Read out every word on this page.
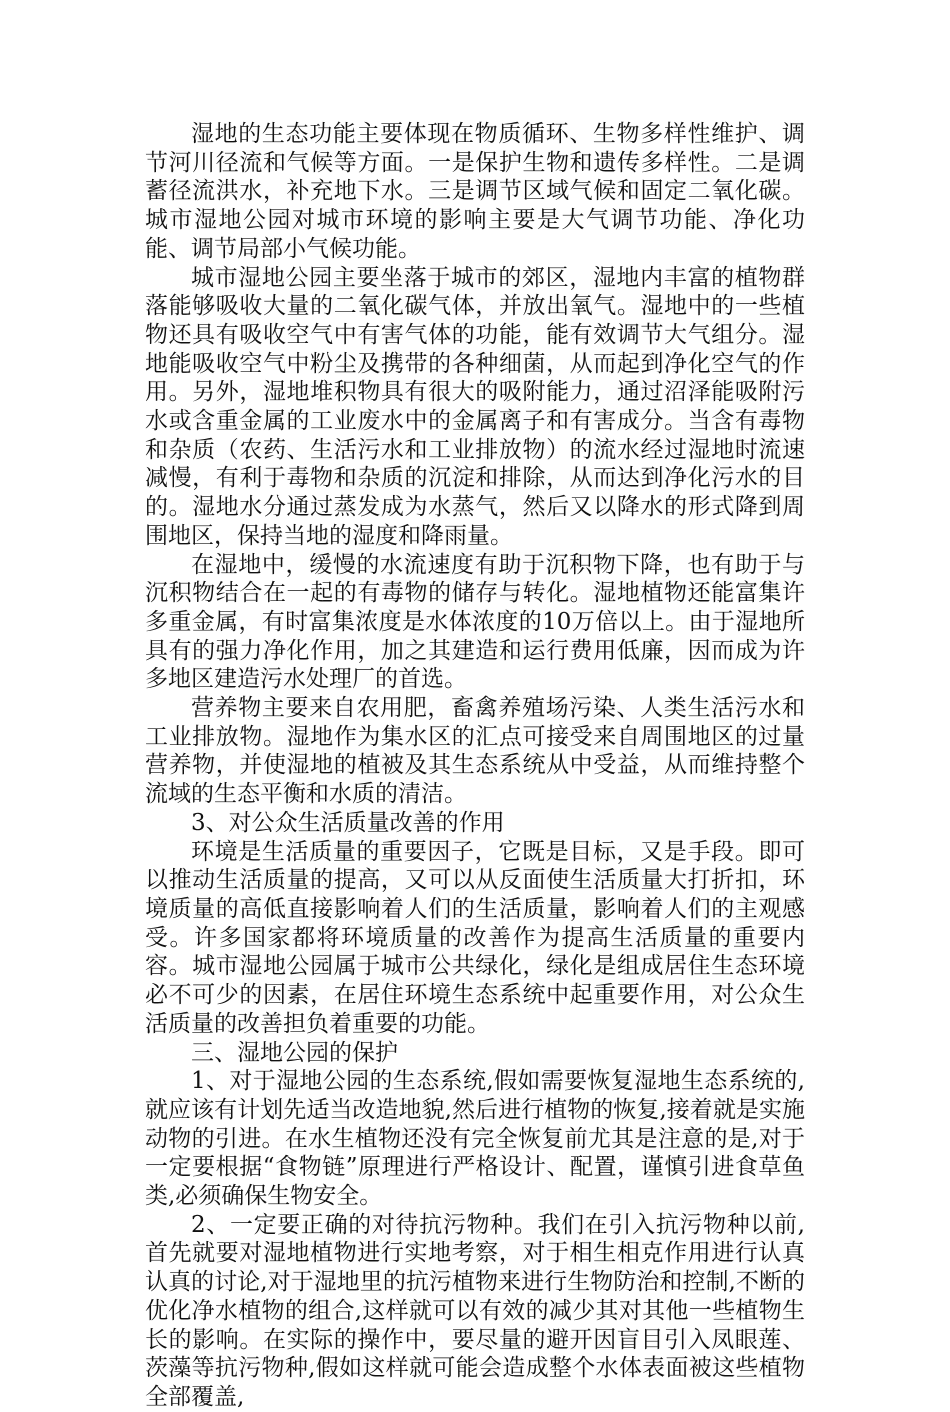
湿地的生态功能主要体现在物质循环、生物多样性维护、调节河川径流和气候等方面。一是保护生物和遗传多样性。二是调蓄径流洪水，补充地下水。三是调节区域气候和固定二氧化碳。城市湿地公园对城市环境的影响主要是大气调节功能、净化功能、调节局部小气候功能。

城市湿地公园主要坐落于城市的郊区，湿地内丰富的植物群落能够吸收大量的二氧化碳气体，并放出氧气。湿地中的一些植物还具有吸收空气中有害气体的功能，能有效调节大气组分。湿地能吸收空气中粉尘及携带的各种细菌，从而起到净化空气的作用。另外，湿地堆积物具有很大的吸附能力，通过沼泽能吸附污水或含重金属的工业废水中的金属离子和有害成分。当含有毒物和杂质（农药、生活污水和工业排放物）的流水经过湿地时流速减慢，有利于毒物和杂质的沉淀和排除，从而达到净化污水的目的。湿地水分通过蒸发成为水蒸气，然后又以降水的形式降到周围地区，保持当地的湿度和降雨量。

在湿地中，缓慢的水流速度有助于沉积物下降，也有助于与沉积物结合在一起的有毒物的储存与转化。湿地植物还能富集许多重金属，有时富集浓度是水体浓度的10万倍以上。由于湿地所具有的强力净化作用，加之其建造和运行费用低廉，因而成为许多地区建造污水处理厂的首选。

营养物主要来自农用肥，畜禽养殖场污染、人类生活污水和工业排放物。湿地作为集水区的汇点可接受来自周围地区的过量营养物，并使湿地的植被及其生态系统从中受益，从而维持整个流域的生态平衡和水质的清洁。

3、对公众生活质量改善的作用

环境是生活质量的重要因子，它既是目标，又是手段。即可以推动生活质量的提高，又可以从反面使生活质量大打折扣，环境质量的高低直接影响着人们的生活质量，影响着人们的主观感受。许多国家都将环境质量的改善作为提高生活质量的重要内容。城市湿地公园属于城市公共绿化，绿化是组成居住生态环境必不可少的因素，在居住环境生态系统中起重要作用，对公众生活质量的改善担负着重要的功能。

三、湿地公园的保护

1、对于湿地公园的生态系统,假如需要恢复湿地生态系统的,就应该有计划先适当改造地貌,然后进行植物的恢复,接着就是实施动物的引进。在水生植物还没有完全恢复前尤其是注意的是,对于一定要根据“食物链”原理进行严格设计、配置，谨慎引进食草鱼类,必须确保生物安全。

2、一定要正确的对待抗污物种。我们在引入抗污物种以前,首先就要对湿地植物进行实地考察，对于相生相克作用进行认真认真的讨论,对于湿地里的抗污植物来进行生物防治和控制,不断的优化净水植物的组合,这样就可以有效的减少其对其他一些植物生长的影响。在实际的操作中，要尽量的避开因盲目引入凤眼莲、茨藻等抗污物种,假如这样就可能会造成整个水体表面被这些植物全部覆盖,
